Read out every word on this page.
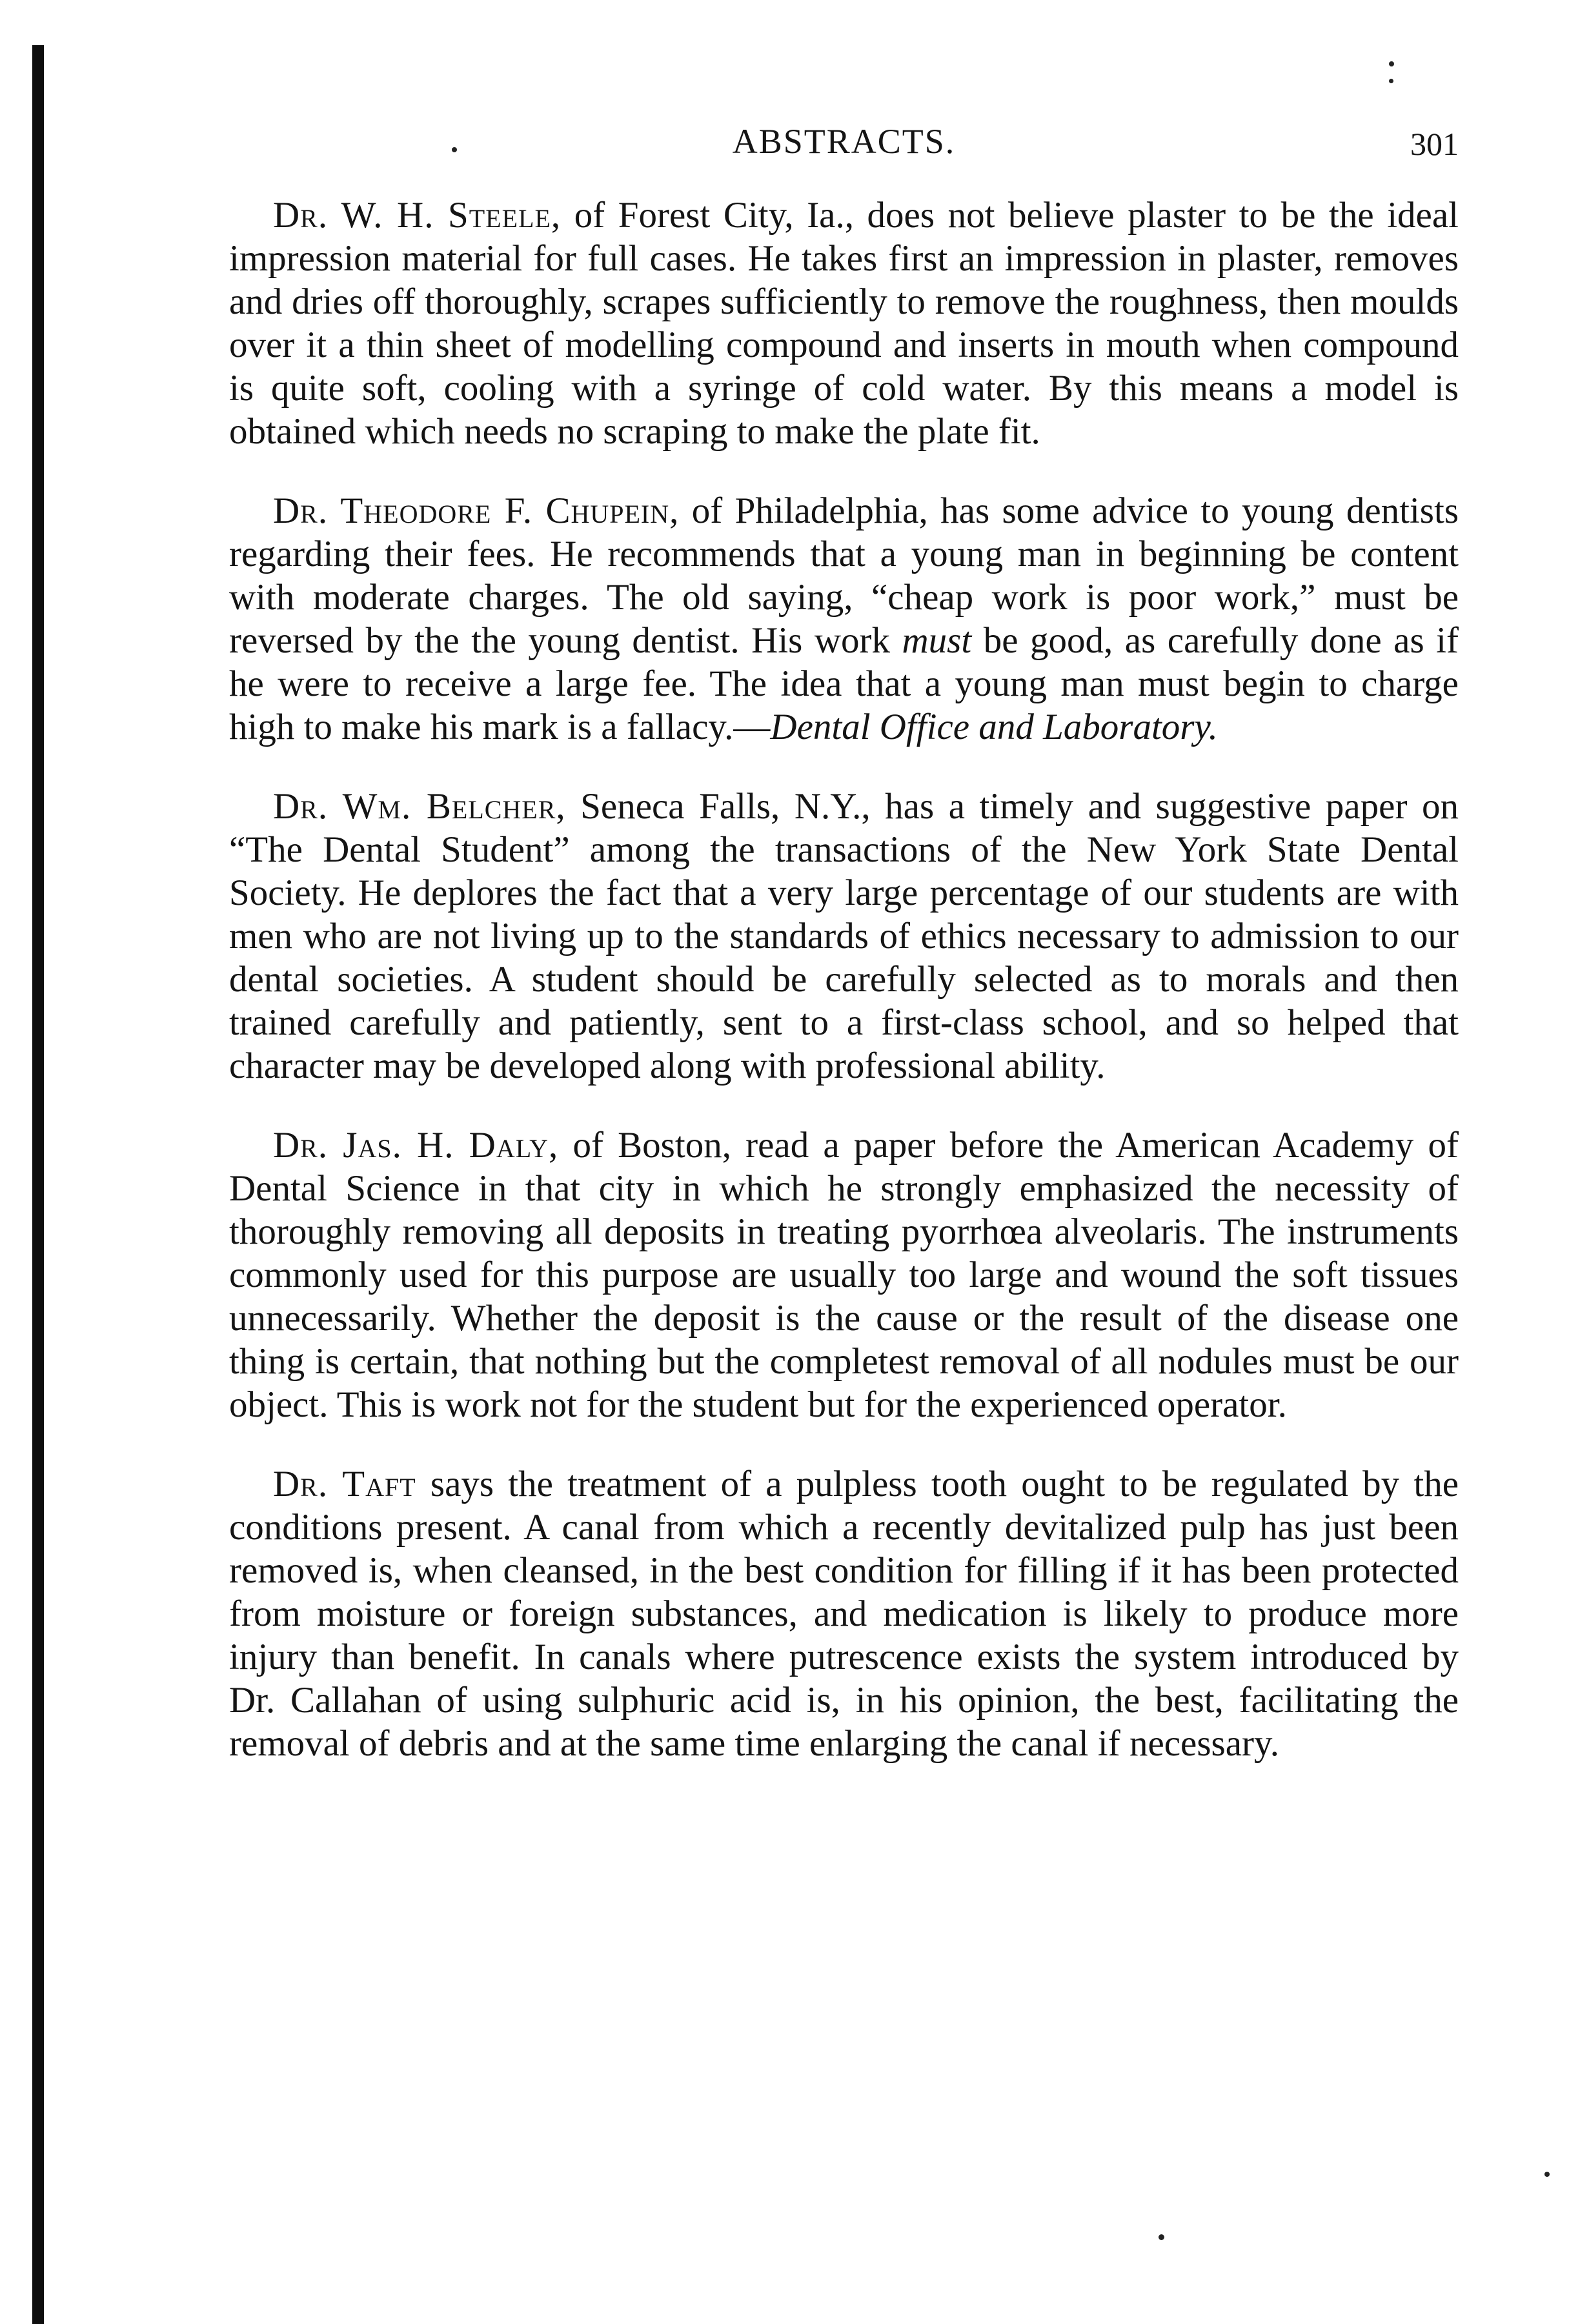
ABSTRACTS.	301

Dr. W. H. Steele, of Forest City, Ia., does not believe plaster to be the ideal impression material for full cases. He takes first an impression in plaster, removes and dries off thoroughly, scrapes sufficiently to remove the roughness, then moulds over it a thin sheet of modelling compound and inserts in mouth when compound is quite soft, cooling with a syringe of cold water. By this means a model is obtained which needs no scraping to make the plate fit.

Dr. Theodore F. Chupein, of Philadelphia, has some advice to young dentists regarding their fees. He recommends that a young man in beginning be content with moderate charges. The old saying, “cheap work is poor work,” must be reversed by the the young dentist. His work must be good, as carefully done as if he were to receive a large fee. The idea that a young man must begin to charge high to make his mark is a fallacy.—Dental Office and Laboratory.

Dr. Wm. Belcher, Seneca Falls, N.Y., has a timely and suggestive paper on “The Dental Student” among the transactions of the New York State Dental Society. He deplores the fact that a very large percentage of our students are with men who are not living up to the standards of ethics necessary to admission to our dental societies. A student should be carefully selected as to morals and then trained carefully and patiently, sent to a first-class school, and so helped that character may be developed along with professional ability.

Dr. Jas. H. Daly, of Boston, read a paper before the American Academy of Dental Science in that city in which he strongly emphasized the necessity of thoroughly removing all deposits in treating pyorrhœa alveolaris. The instruments commonly used for this purpose are usually too large and wound the soft tissues unnecessarily. Whether the deposit is the cause or the result of the disease one thing is certain, that nothing but the completest removal of all nodules must be our object. This is work not for the student but for the experienced operator.

Dr. Taft says the treatment of a pulpless tooth ought to be regulated by the conditions present. A canal from which a recently devitalized pulp has just been removed is, when cleansed, in the best condition for filling if it has been protected from moisture or foreign substances, and medication is likely to produce more injury than benefit. In canals where putrescence exists the system introduced by Dr. Callahan of using sulphuric acid is, in his opinion, the best, facilitating the removal of debris and at the same time enlarging the canal if necessary.
